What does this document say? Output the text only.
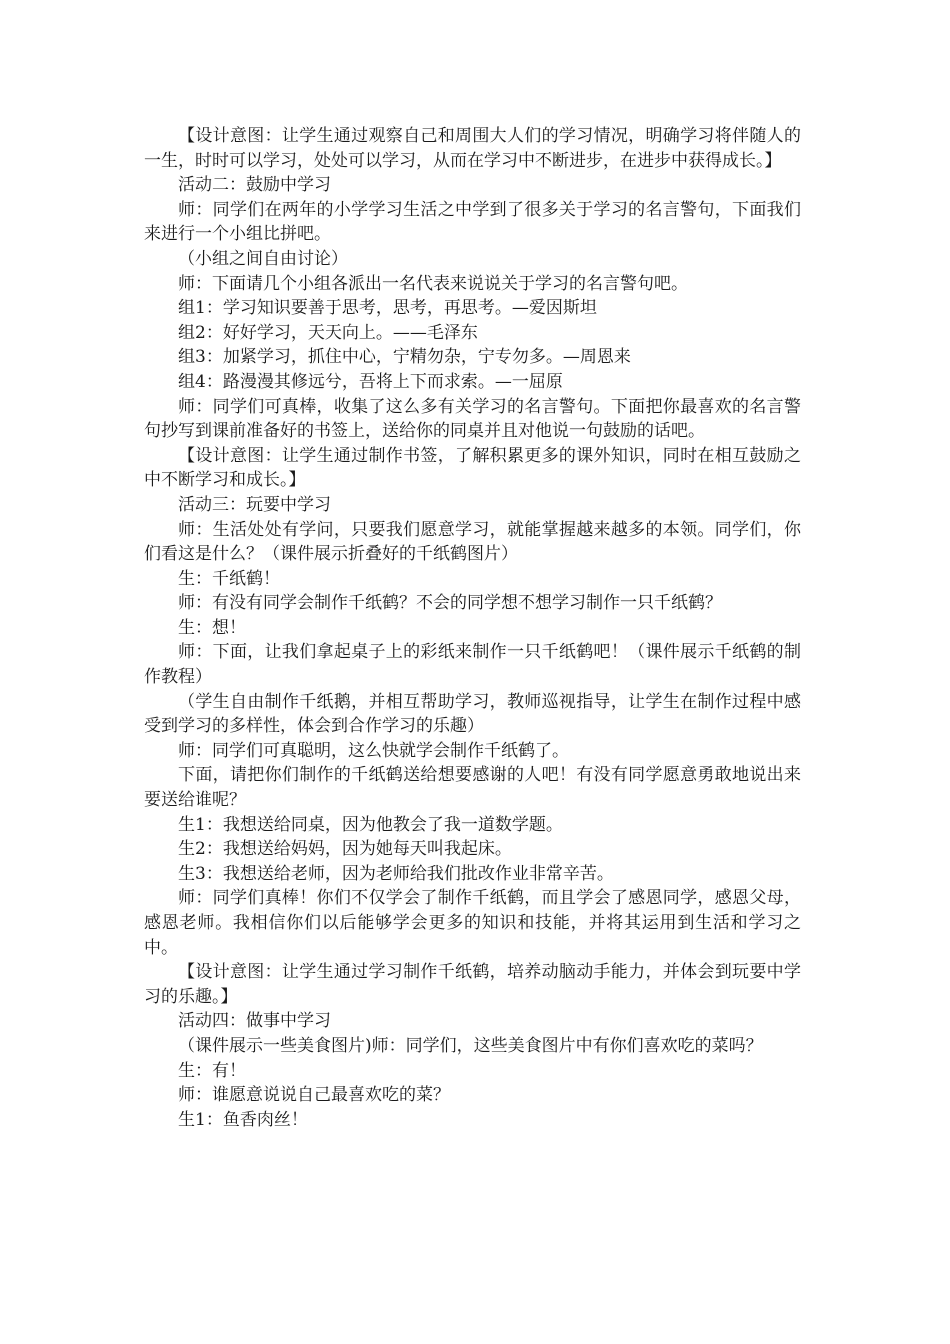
【设计意图：让学生通过观察自己和周围大人们的学习情况，明确学习将伴随人的一生，时时可以学习，处处可以学习，从而在学习中不断进步，在进步中获得成长。】

活动二：鼓励中学习

师：同学们在两年的小学学习生活之中学到了很多关于学习的名言警句，下面我们来进行一个小组比拼吧。

（小组之间自由讨论）

师：下面请几个小组各派出一名代表来说说关于学习的名言警句吧。

组1：学习知识要善于思考，思考，再思考。—爱因斯坦

组2：好好学习，天天向上。——毛泽东

组3：加紧学习，抓住中心，宁精勿杂，宁专勿多。—周恩来

组4：路漫漫其修远兮，吾将上下而求索。—一屈原

师：同学们可真棒，收集了这么多有关学习的名言警句。下面把你最喜欢的名言警句抄写到课前准备好的书签上，送给你的同桌并且对他说一句鼓励的话吧。

【设计意图：让学生通过制作书签，了解积累更多的课外知识，同时在相互鼓励之中不断学习和成长。】

活动三：玩要中学习

师：生活处处有学问，只要我们愿意学习，就能掌握越来越多的本领。同学们，你们看这是什么？（课件展示折叠好的千纸鹤图片）

生：千纸鹤！

师：有没有同学会制作千纸鹤？不会的同学想不想学习制作一只千纸鹤？

生：想！

师：下面，让我们拿起桌子上的彩纸来制作一只千纸鹤吧！（课件展示千纸鹤的制作教程）

（学生自由制作千纸鹅，并相互帮助学习，教师巡视指导，让学生在制作过程中感受到学习的多样性，体会到合作学习的乐趣）

师：同学们可真聪明，这么快就学会制作千纸鹤了。

下面，请把你们制作的千纸鹤送给想要感谢的人吧！有没有同学愿意勇敢地说出来要送给谁呢？

生1：我想送给同桌，因为他教会了我一道数学题。

生2：我想送给妈妈，因为她每天叫我起床。

生3：我想送给老师，因为老师给我们批改作业非常辛苦。

师：同学们真棒！你们不仅学会了制作千纸鹤，而且学会了感恩同学，感恩父母，感恩老师。我相信你们以后能够学会更多的知识和技能，并将其运用到生活和学习之中。

【设计意图：让学生通过学习制作千纸鹤，培养动脑动手能力，并体会到玩要中学习的乐趣。】

活动四：做事中学习

（课件展示一些美食图片)师：同学们，这些美食图片中有你们喜欢吃的菜吗？

生：有！

师：谁愿意说说自己最喜欢吃的菜？

生1：鱼香肉丝！
